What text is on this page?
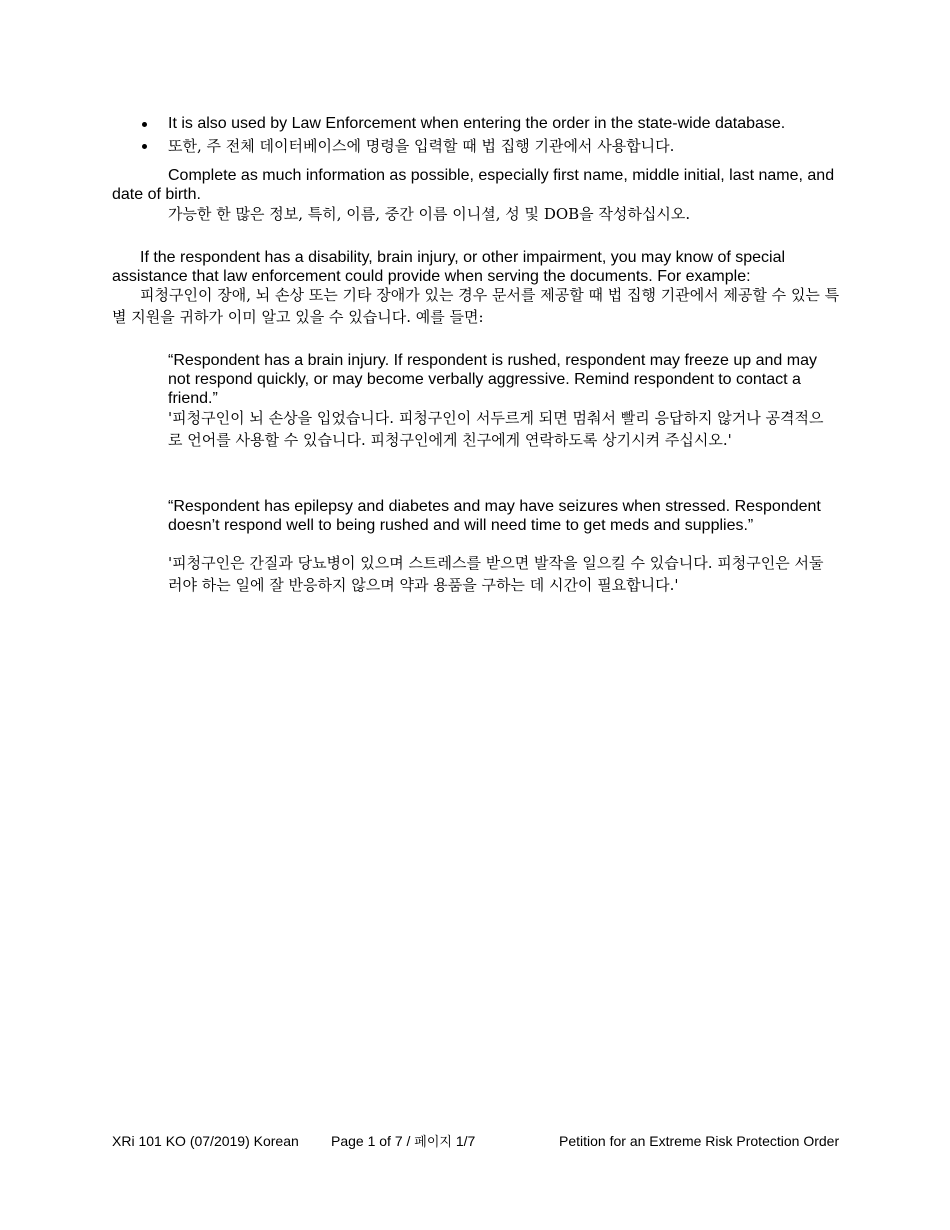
It is also used by Law Enforcement when entering the order in the state-wide database.
또한, 주 전체 데이터베이스에 명령을 입력할 때 법 집행 기관에서 사용합니다.

Complete as much information as possible, especially first name, middle initial, last name, and date of birth.

가능한 한 많은 정보, 특히, 이름, 중간 이름 이니셜, 성 및 DOB을 작성하십시오.

If the respondent has a disability, brain injury, or other impairment, you may know of special assistance that law enforcement could provide when serving the documents. For example:

피청구인이 장애, 뇌 손상 또는 기타 장애가 있는 경우 문서를 제공할 때 법 집행 기관에서 제공할 수 있는 특별 지원을 귀하가 이미 알고 있을 수 있습니다. 예를 들면:

“Respondent has a brain injury. If respondent is rushed, respondent may freeze up and may not respond quickly, or may become verbally aggressive. Remind respondent to contact a friend.”

'피청구인이 뇌 손상을 입었습니다. 피청구인이 서두르게 되면 멈춰서 빨리 응답하지 않거나 공격적으로 언어를 사용할 수 있습니다. 피청구인에게 친구에게 연락하도록 상기시켜 주십시오.'

“Respondent has epilepsy and diabetes and may have seizures when stressed. Respondent doesn’t respond well to being rushed and will need time to get meds and supplies.”

'피청구인은 간질과 당뇨병이 있으며 스트레스를 받으면 발작을 일으킬 수 있습니다. 피청구인은 서둘러야 하는 일에 잘 반응하지 않으며 약과 용품을 구하는 데 시간이 필요합니다.'

XRi 101 KO (07/2019) Korean Page 1 of 7 / 페이지 1/7	Petition for an Extreme Risk Protection Order
